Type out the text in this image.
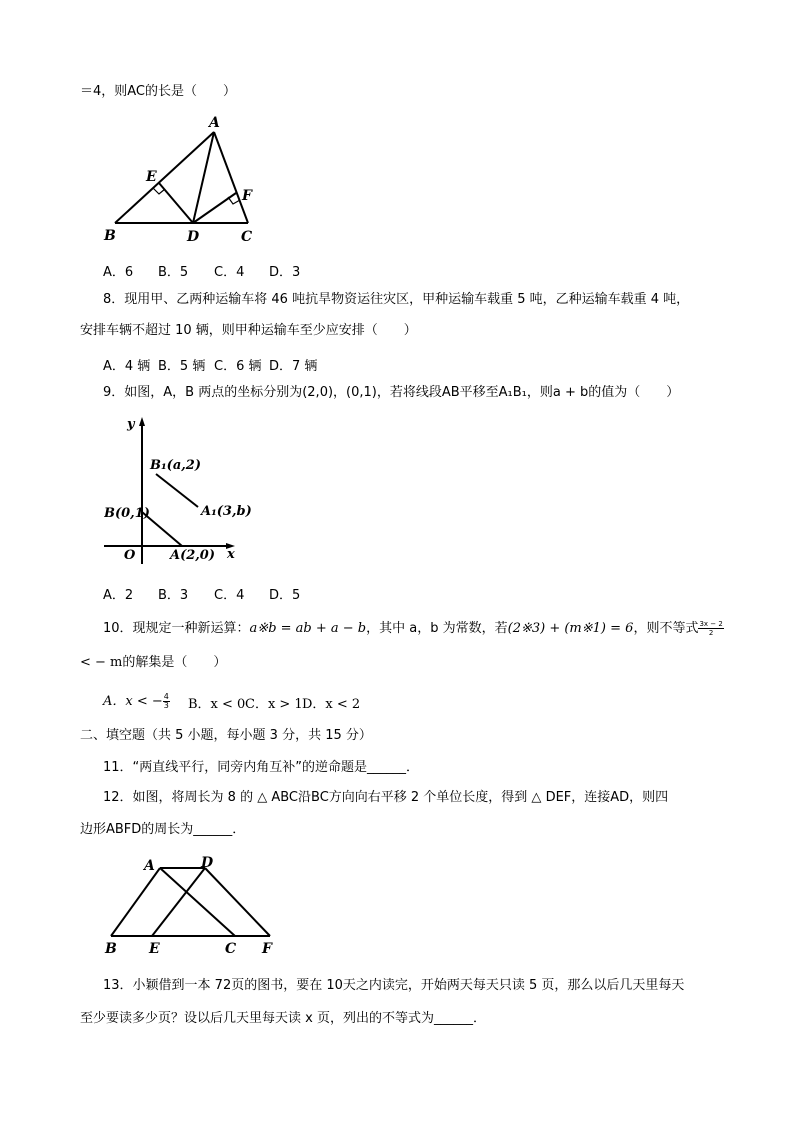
＝4，则AC的长是（　　）
A
B	D	C
E
F
A．6 B．5 C．4 D．3
8．现用甲、乙两种运输车将 46 吨抗旱物资运往灾区，甲种运输车载重 5 吨，乙种运输车载重 4 吨，
安排车辆不超过 10 辆，则甲种运输车至少应安排（　　）
A．4 辆 B．5 辆 C．6 辆 D．7 辆
9．如图，A，B 两点的坐标分别为(2,0)，(0,1)，若将线段AB平移至A₁B₁，则a + b的值为（　　）
y
x
O
B(0,1)
A(2,0)
B₁(a,2)
A₁(3,b)
A．2 B．3 C．4 D．5
10．现规定一种新运算：a※b = ab + a − b，其中 a，b 为常数，若(2※3) + (m※1) = 6，则不等式 $\frac{3x - 2}{2}$
< − m的解集是（　　）
A．x < − $\frac{4}{3}$ B．x < 0 C．x > 1 D．x < 2
二、填空题（共 5 小题，每小题 3 分，共 15 分）
11．“两直线平行，同旁内角互补”的逆命题是______．
12．如图，将周长为 8 的 △ ABC沿BC方向向右平移 2 个单位长度，得到 △ DEF，连接AD，则四
边形ABFD的周长为______．
A	D
B E	C F
13．小颖借到一本 72页的图书，要在 10天之内读完，开始两天每天只读 5 页，那么以后几天里每天
至少要读多少页？设以后几天里每天读 x 页，列出的不等式为______．
